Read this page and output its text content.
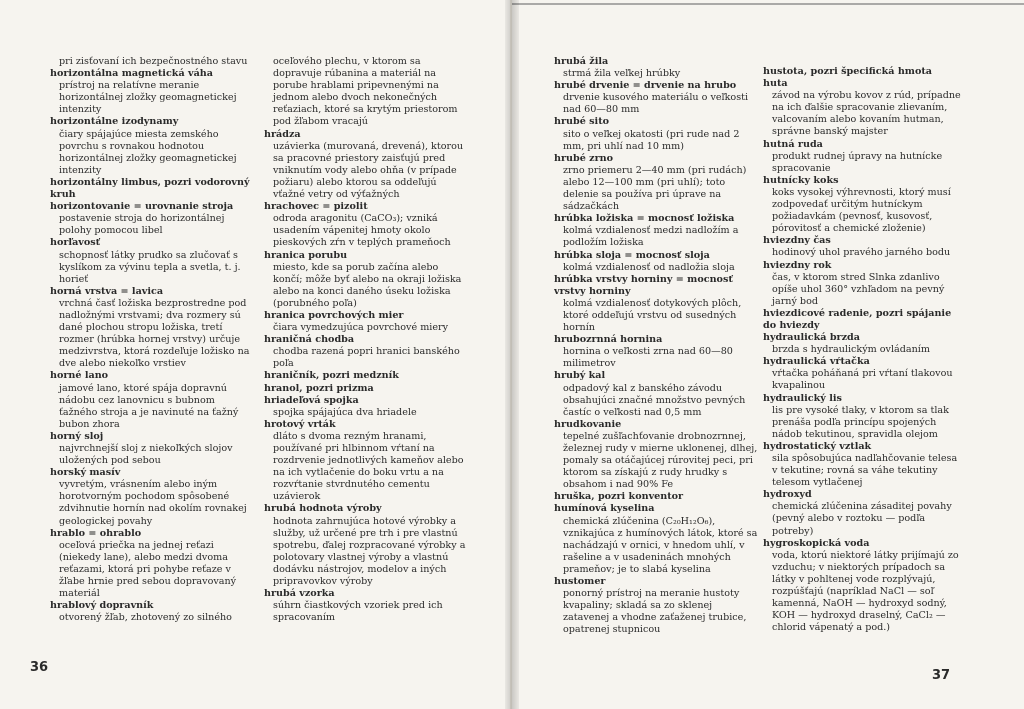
pri zisťovaní ich bezpečnostného stavu
horizontálna magnetická váha
prístroj na relatívne meranie horizontálnej zložky geomagnetickej intenzity
horizontálne izodynamy
čiary spájajúce miesta zemského povrchu s rovnakou hodnotou horizontálnej zložky geomagnetickej intenzity
horizontálny limbus, pozri vodorovný kruh
horizontovanie = urovnanie stroja
postavenie stroja do horizontálnej polohy pomocou libel
horľavosť
schopnosť látky prudko sa zlučovať s kyslíkom za vývinu tepla a svetla, t. j. horieť
horná vrstva = lavica
vrchná časť ložiska bezprostredne pod nadložnými vrstvami; dva rozmery sú dané plochou stropu ložiska, tretí rozmer (hrúbka hornej vrstvy) určuje medzivrstva, ktorá rozdeľuje ložisko na dve alebo niekoľko vrstiev
horné lano
jamové lano, ktoré spája dopravnú nádobu cez lanovnicu s bubnom ťažného stroja a je navinuté na ťažný bubon zhora
horný sloj
najvrchnejší sloj z niekoľkých slojov uložených pod sebou
horský masív
vyvretým, vrásnením alebo iným horotvorným pochodom spôsobené zdvihnutie hornín nad okolím rovnakej geologickej povahy
hrablo = ohrablo
oceľová priečka na jednej reťazi (niekedy lane), alebo medzi dvoma reťazami, ktorá pri pohybe reťaze v žľabe hrnie pred sebou dopravovaný materiál
hrablový dopravník
otvorený žľab, zhotovený zo silného
oceľového plechu, v ktorom sa dopravuje rúbanina a materiál na porube hrablami pripevnenými na jednom alebo dvoch nekonečných reťaziach, ktoré sa krytým priestorom pod žľabom vracajú
hrádza
uzávierka (murovaná, drevená), ktorou sa pracovné priestory zaisťujú pred vniknutím vody alebo ohňa (v prípade požiaru) alebo ktorou sa oddeľujú vťažné vetry od výťažných
hrachovec = pizolit
odroda aragonitu (CaCO₃); vzniká usadením vápenitej hmoty okolo pieskových zŕn v teplých prameňoch
hranica porubu
miesto, kde sa porub začína alebo končí; môže byť alebo na okraji ložiska alebo na konci daného úseku ložiska (porubného poľa)
hranica povrchových mier
čiara vymedzujúca povrchové miery
hraničná chodba
chodba razená popri hranici banského poľa
hraničník, pozri medzník
hranol, pozri prizma
hriadeľová spojka
spojka spájajúca dva hriadele
hrotový vrták
dláto s dvoma rezným hranami, používané pri hlbinnom vŕtaní na rozdrvenie jednotlivých kameňov alebo na ich vytlačenie do boku vrtu a na rozvŕtanie stvrdnutého cementu uzávierok
hrubá hodnota výroby
hodnota zahrnujúca hotové výrobky a služby, už určené pre trh i pre vlastnú spotrebu, ďalej rozpracované výrobky a polotovary vlastnej výroby a vlastnú dodávku nástrojov, modelov a iných pripravovkov výroby
hrubá vzorka
súhrn čiastkových vzoriek pred ich spracovaním
36
hrubá žila
strmá žila veľkej hrúbky
hrubé drvenie = drvenie na hrubo
drvenie kusového materiálu o veľkosti nad 60—80 mm
hrubé sito
sito o veľkej okatosti (pri rude nad 2 mm, pri uhlí nad 10 mm)
hrubé zrno
zrno priemeru 2—40 mm (pri rudách) alebo 12—100 mm (pri uhlí); toto delenie sa používa pri úprave na sádzačkách
hrúbka ložiska = mocnosť ložiska
kolmá vzdialenosť medzi nadložím a podložím ložiska
hrúbka sloja = mocnosť sloja
kolmá vzdialenosť od nadložia sloja
hrúbka vrstvy horniny = mocnosť vrstvy horniny
kolmá vzdialenosť dotykových plôch, ktoré oddeľujú vrstvu od susedných hornín
hrubozrnná hornina
hornina o veľkosti zrna nad 60—80 milimetrov
hrubý kal
odpadový kal z banského závodu obsahujúci značné množstvo pevných častíc o veľkosti nad 0,5 mm
hrudkovanie
tepelné zušľachťovanie drobnozrnnej, železnej rudy v mierne uklonenej, dlhej, pomaly sa otáčajúcej rúrovitej peci, pri ktorom sa získajú z rudy hrudky s obsahom i nad 90% Fe
hruška, pozri konventor
humínová kyselina
chemická zlúčenina (C₂₀H₁₂O₆), vznikajúca z humínových látok, ktoré sa nachádzajú v ornici, v hnedom uhlí, v rašeline a v usadeninách mnohých prameňov; je to slabá kyselina
hustomer
ponorný prístroj na meranie hustoty kvapaliny; skladá sa zo sklenej zatavenej a vhodne zaťaženej trubice, opatrenej stupnicou
hustota, pozri špecifická hmota
huta
závod na výrobu kovov z rúd, prípadne na ich ďalšie spracovanie zlievaním, valcovaním alebo kovaním hutman, správne banský majster
hutná ruda
produkt rudnej úpravy na hutnícke spracovanie
hutnícky koks
koks vysokej výhrevnosti, ktorý musí zodpovedať určitým hutníckym požiadavkám (pevnosť, kusovosť, pórovitosť a chemické zloženie)
hviezdny čas
hodinový uhol pravého jarného bodu
hviezdny rok
čas, v ktorom stred Slnka zdanlivo opíše uhol 360° vzhľadom na pevný jarný bod
hviezdicové radenie, pozri spájanie do hviezdy
hydraulická brzda
brzda s hydraulickým ovládaním
hydraulická vŕtačka
vŕtačka poháňaná pri vŕtaní tlakovou kvapalinou
hydraulický lis
lis pre vysoké tlaky, v ktorom sa tlak prenáša podľa princípu spojených nádob tekutinou, spravidla olejom
hydrostatický vztlak
sila spôsobujúca nadľahčovanie telesa v tekutine; rovná sa váhe tekutiny telesom vytlačenej
hydroxyd
chemická zlúčenina zásaditej povahy (pevný alebo v roztoku — podľa potreby)
hygroskopická voda
voda, ktorú niektoré látky prijímajú zo vzduchu; v niektorých prípadoch sa látky v pohltenej vode rozplývajú, rozpúšťajú (napríklad NaCl — soľ kamenná, NaOH — hydroxyd sodný, KOH — hydroxyd draselný, CaCl₂ — chlorid vápenatý a pod.)
37
